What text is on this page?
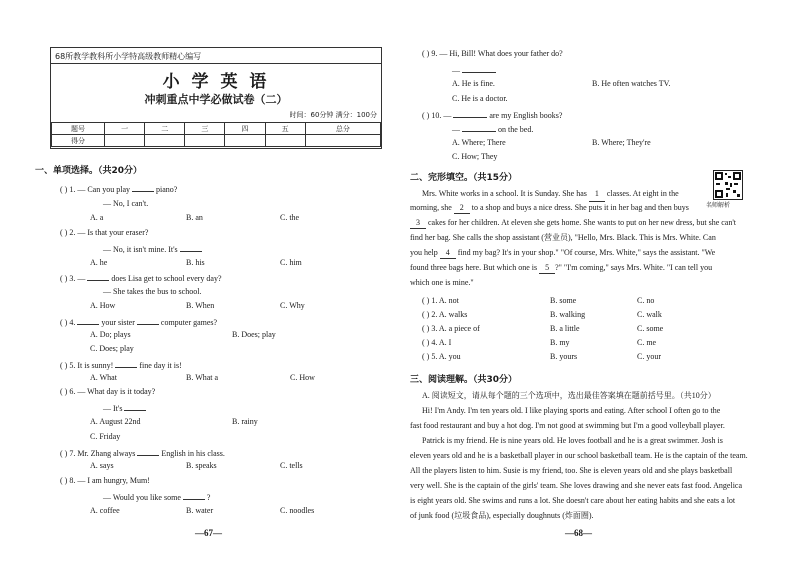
68所教学教科所小学特高级教师精心编写
小 学 英 语
冲刺重点中学必做试卷（二）
时间：60分钟 满分：100分
题号	一	二	三	四	五	总分
得分						
一、单项选择。（共20分）
( ) 1. — Can you play	piano?
— No, I can't.
A. a	B. an	C. the
( ) 2. — Is that your eraser?
— No, it isn't mine. It's
A. he	B. his	C. him
( ) 3. —	does Lisa get to school every day?
— She takes the bus to school.
A. How	B. When	C. Why
( ) 4.	your sister	computer games?
A. Do; plays	B. Does; play
C. Does; play
( ) 5. It is sunny!	fine day it is!
A. What	B. What a	C. How
( ) 6. — What day is it today?
— It's
A. August 22nd	B. rainy
C. Friday
( ) 7. Mr. Zhang always	English in his class.
A. says	B. speaks	C. tells
( ) 8. — I am hungry, Mum!
— Would you like some	?
A. coffee	B. water	C. noodles
—67—
( ) 9. — Hi, Bill! What does your father do?
—
A. He is fine.	B. He often watches TV.
C. He is a doctor.
( ) 10. —	are my English books?
—	on the bed.
A. Where; There	B. Where; They're
C. How; They
二、完形填空。（共15分）
名师解析
Mrs. White works in a school. It is Sunday. She has 1 classes. At eight in the
morning, she 2 to a shop and buys a nice dress. She puts it in her bag and then buys
3 cakes for her children. At eleven she gets home. She wants to put on her new dress, but she can't
find her bag. She calls the shop assistant (营业员), "Hello, Mrs. Black. This is Mrs. White. Can
you help 4 find my bag? It's in your shop." "Of course, Mrs. White," says the assistant. "We
found three bags here. But which one is 5 ?" "I'm coming," says Mrs. White. "I can tell you
which one is mine."
( ) 1. A. not	B. some	C. no
( ) 2. A. walks	B. walking	C. walk
( ) 3. A. a piece of	B. a little	C. some
( ) 4. A. I	B. my	C. me
( ) 5. A. you	B. yours	C. your
三、阅读理解。（共30分）
A. 阅读短文，请从每个题的三个选项中，选出最佳答案填在题前括号里。（共10分）
Hi! I'm Andy. I'm ten years old. I like playing sports and eating. After school I often go to the
fast food restaurant and buy a hot dog. I'm not good at swimming but I'm a good volleyball player.
Patrick is my friend. He is nine years old. He loves football and he is a great swimmer. Josh is
eleven years old and he is a basketball player in our school basketball team. He is the captain of the team.
All the players listen to him. Susie is my friend, too. She is eleven years old and she plays basketball
very well. She is the captain of the girls' team. She loves drawing and she never eats fast food. Angelica
is eight years old. She swims and runs a lot. She doesn't care about her eating habits and she eats a lot
of junk food (垃圾食品), especially doughnuts (炸面圈).
—68—
